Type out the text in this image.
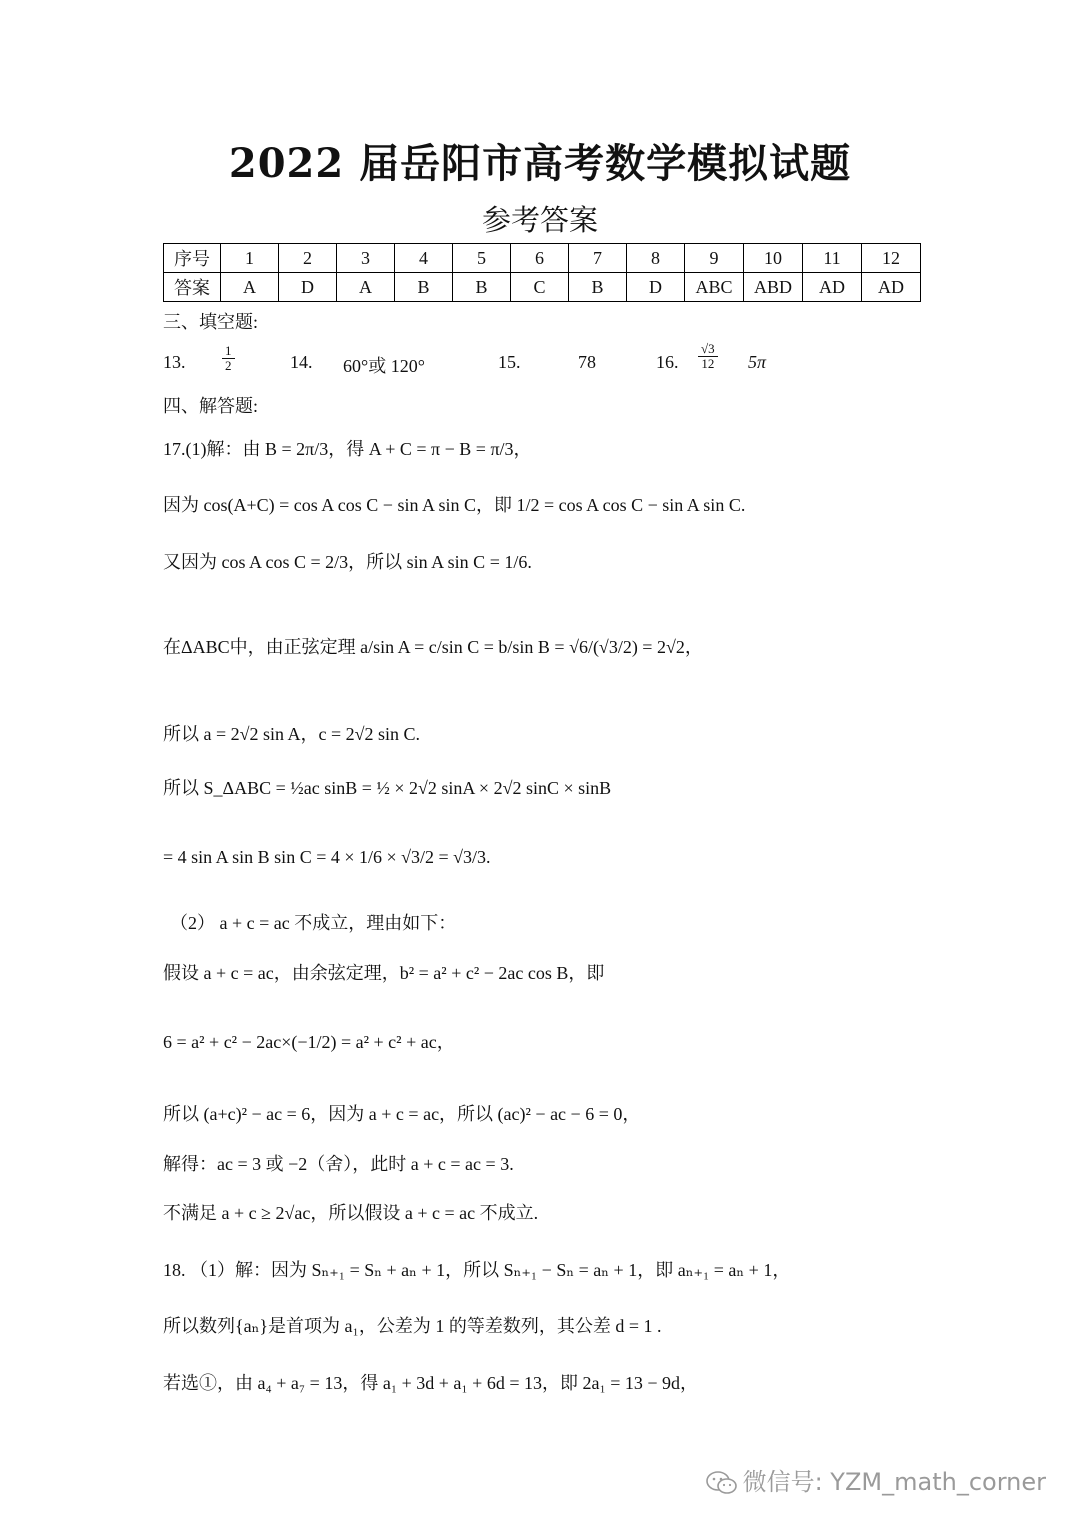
2022 届岳阳市高考数学模拟试题
参考答案
序号	1	2	3	4	5	6	7	8	9	10	11	12
答案	A	D	A	B	B	C	B	D	ABC	ABD	AD	AD
三、填空题:
13.	$\frac{1}{2}$	14. 60°或 120°	15.	78	16. $\frac{√3}{12} 5\pi$
四、解答题:
17.(1)解：由 B = 2π/3，得 A + C = π − B = π/3，
因为 cos(A+C) = cos A cos C − sin A sin C，即 1/2 = cos A cos C − sin A sin C.
又因为 cos A cos C = 2/3，所以 sin A sin C = 1/6.
在ΔABC中，由正弦定理 a/sin A = c/sin C = b/sin B = √6/(√3/2) = 2√2，
所以 a = 2√2 sin A，c = 2√2 sin C.
所以 S_ΔABC = ½ac sinB = ½ × 2√2 sinA × 2√2 sinC × sinB
= 4 sin A sin B sin C = 4 × 1/6 × √3/2 = √3/3.
（2） a + c = ac 不成立，理由如下：
假设 a + c = ac，由余弦定理，b² = a² + c² − 2ac cos B，即
6 = a² + c² − 2ac×(−1/2) = a² + c² + ac，
所以 (a+c)² − ac = 6，因为 a + c = ac，所以 (ac)² − ac − 6 = 0，
解得：ac = 3 或 −2（舍），此时 a + c = ac = 3.
不满足 a + c ≥ 2√ac，所以假设 a + c = ac 不成立.
18. （1）解：因为 Sₙ₊₁ = Sₙ + aₙ + 1，所以 Sₙ₊₁ − Sₙ = aₙ + 1，即 aₙ₊₁ = aₙ + 1，
所以数列{aₙ}是首项为 a₁，公差为 1 的等差数列，其公差 d = 1 .
若选①，由 a₄ + a₇ = 13，得 a₁ + 3d + a₁ + 6d = 13，即 2a₁ = 13 − 9d，
微信号: YZM_math_corner
